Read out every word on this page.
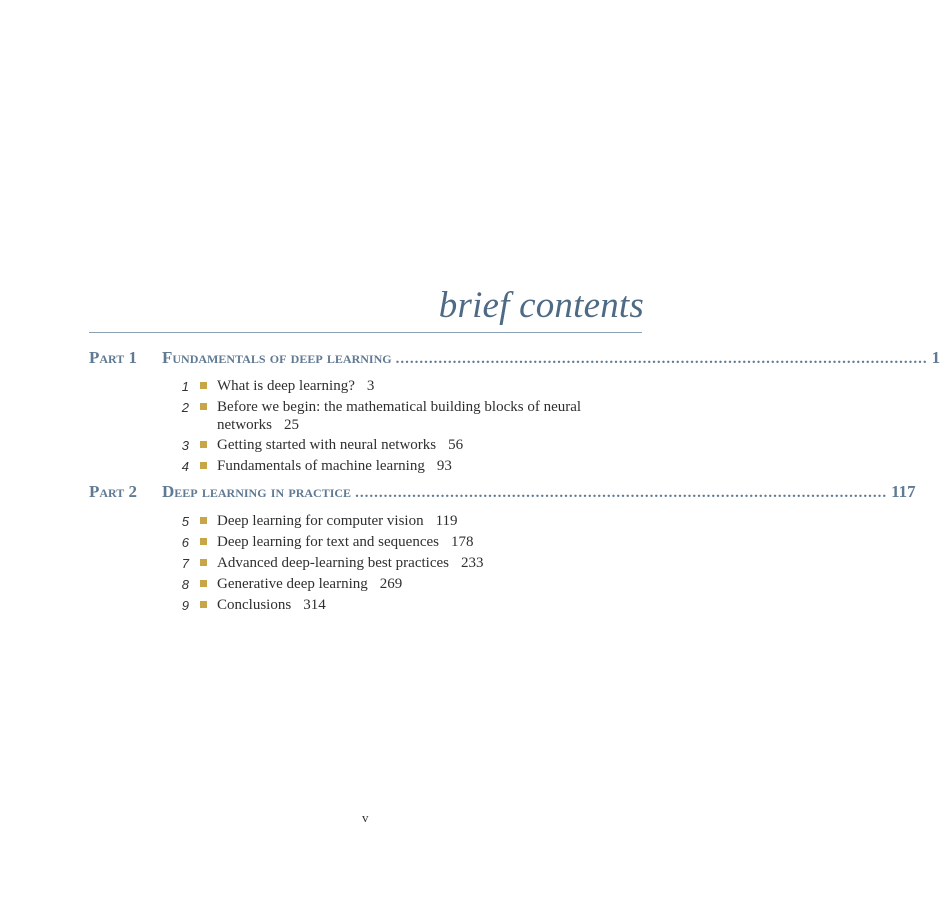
brief contents
Part 1	Fundamentals of deep learning ................................................................................................................ 1
1 What is deep learning? 3
2 Before we begin: the mathematical building blocks of neural networks 25
3 Getting started with neural networks 56
4 Fundamentals of machine learning 93
Part 2	Deep learning in practice ................................................................................................................ 117
5 Deep learning for computer vision 119
6 Deep learning for text and sequences 178
7 Advanced deep-learning best practices 233
8 Generative deep learning 269
9 Conclusions 314
v
